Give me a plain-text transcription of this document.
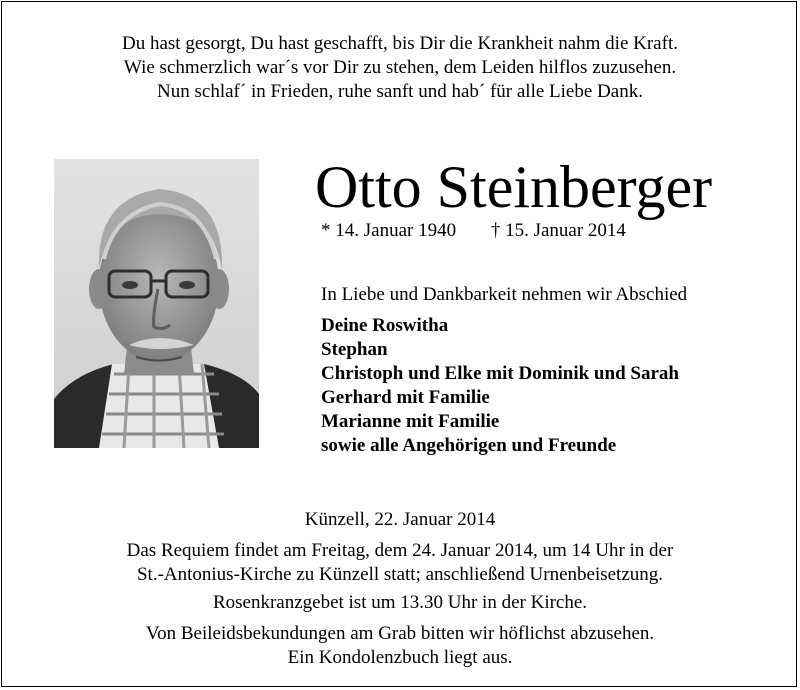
Du hast gesorgt, Du hast geschafft, bis Dir die Krankheit nahm die Kraft.
Wie schmerzlich war´s vor Dir zu stehen, dem Leiden hilflos zuzusehen.
Nun schlaf´ in Frieden, ruhe sanft und hab´ für alle Liebe Dank.
Otto Steinberger
* 14. Januar 1940 † 15. Januar 2014
In Liebe und Dankbarkeit nehmen wir Abschied
Deine Roswitha
Stephan
Christoph und Elke mit Dominik und Sarah
Gerhard mit Familie
Marianne mit Familie
sowie alle Angehörigen und Freunde
Künzell, 22. Januar 2014
Das Requiem findet am Freitag, dem 24. Januar 2014, um 14 Uhr in der
St.-Antonius-Kirche zu Künzell statt; anschließend Urnenbeisetzung.
Rosenkranzgebet ist um 13.30 Uhr in der Kirche.
Von Beileidsbekundungen am Grab bitten wir höflichst abzusehen.
Ein Kondolenzbuch liegt aus.
